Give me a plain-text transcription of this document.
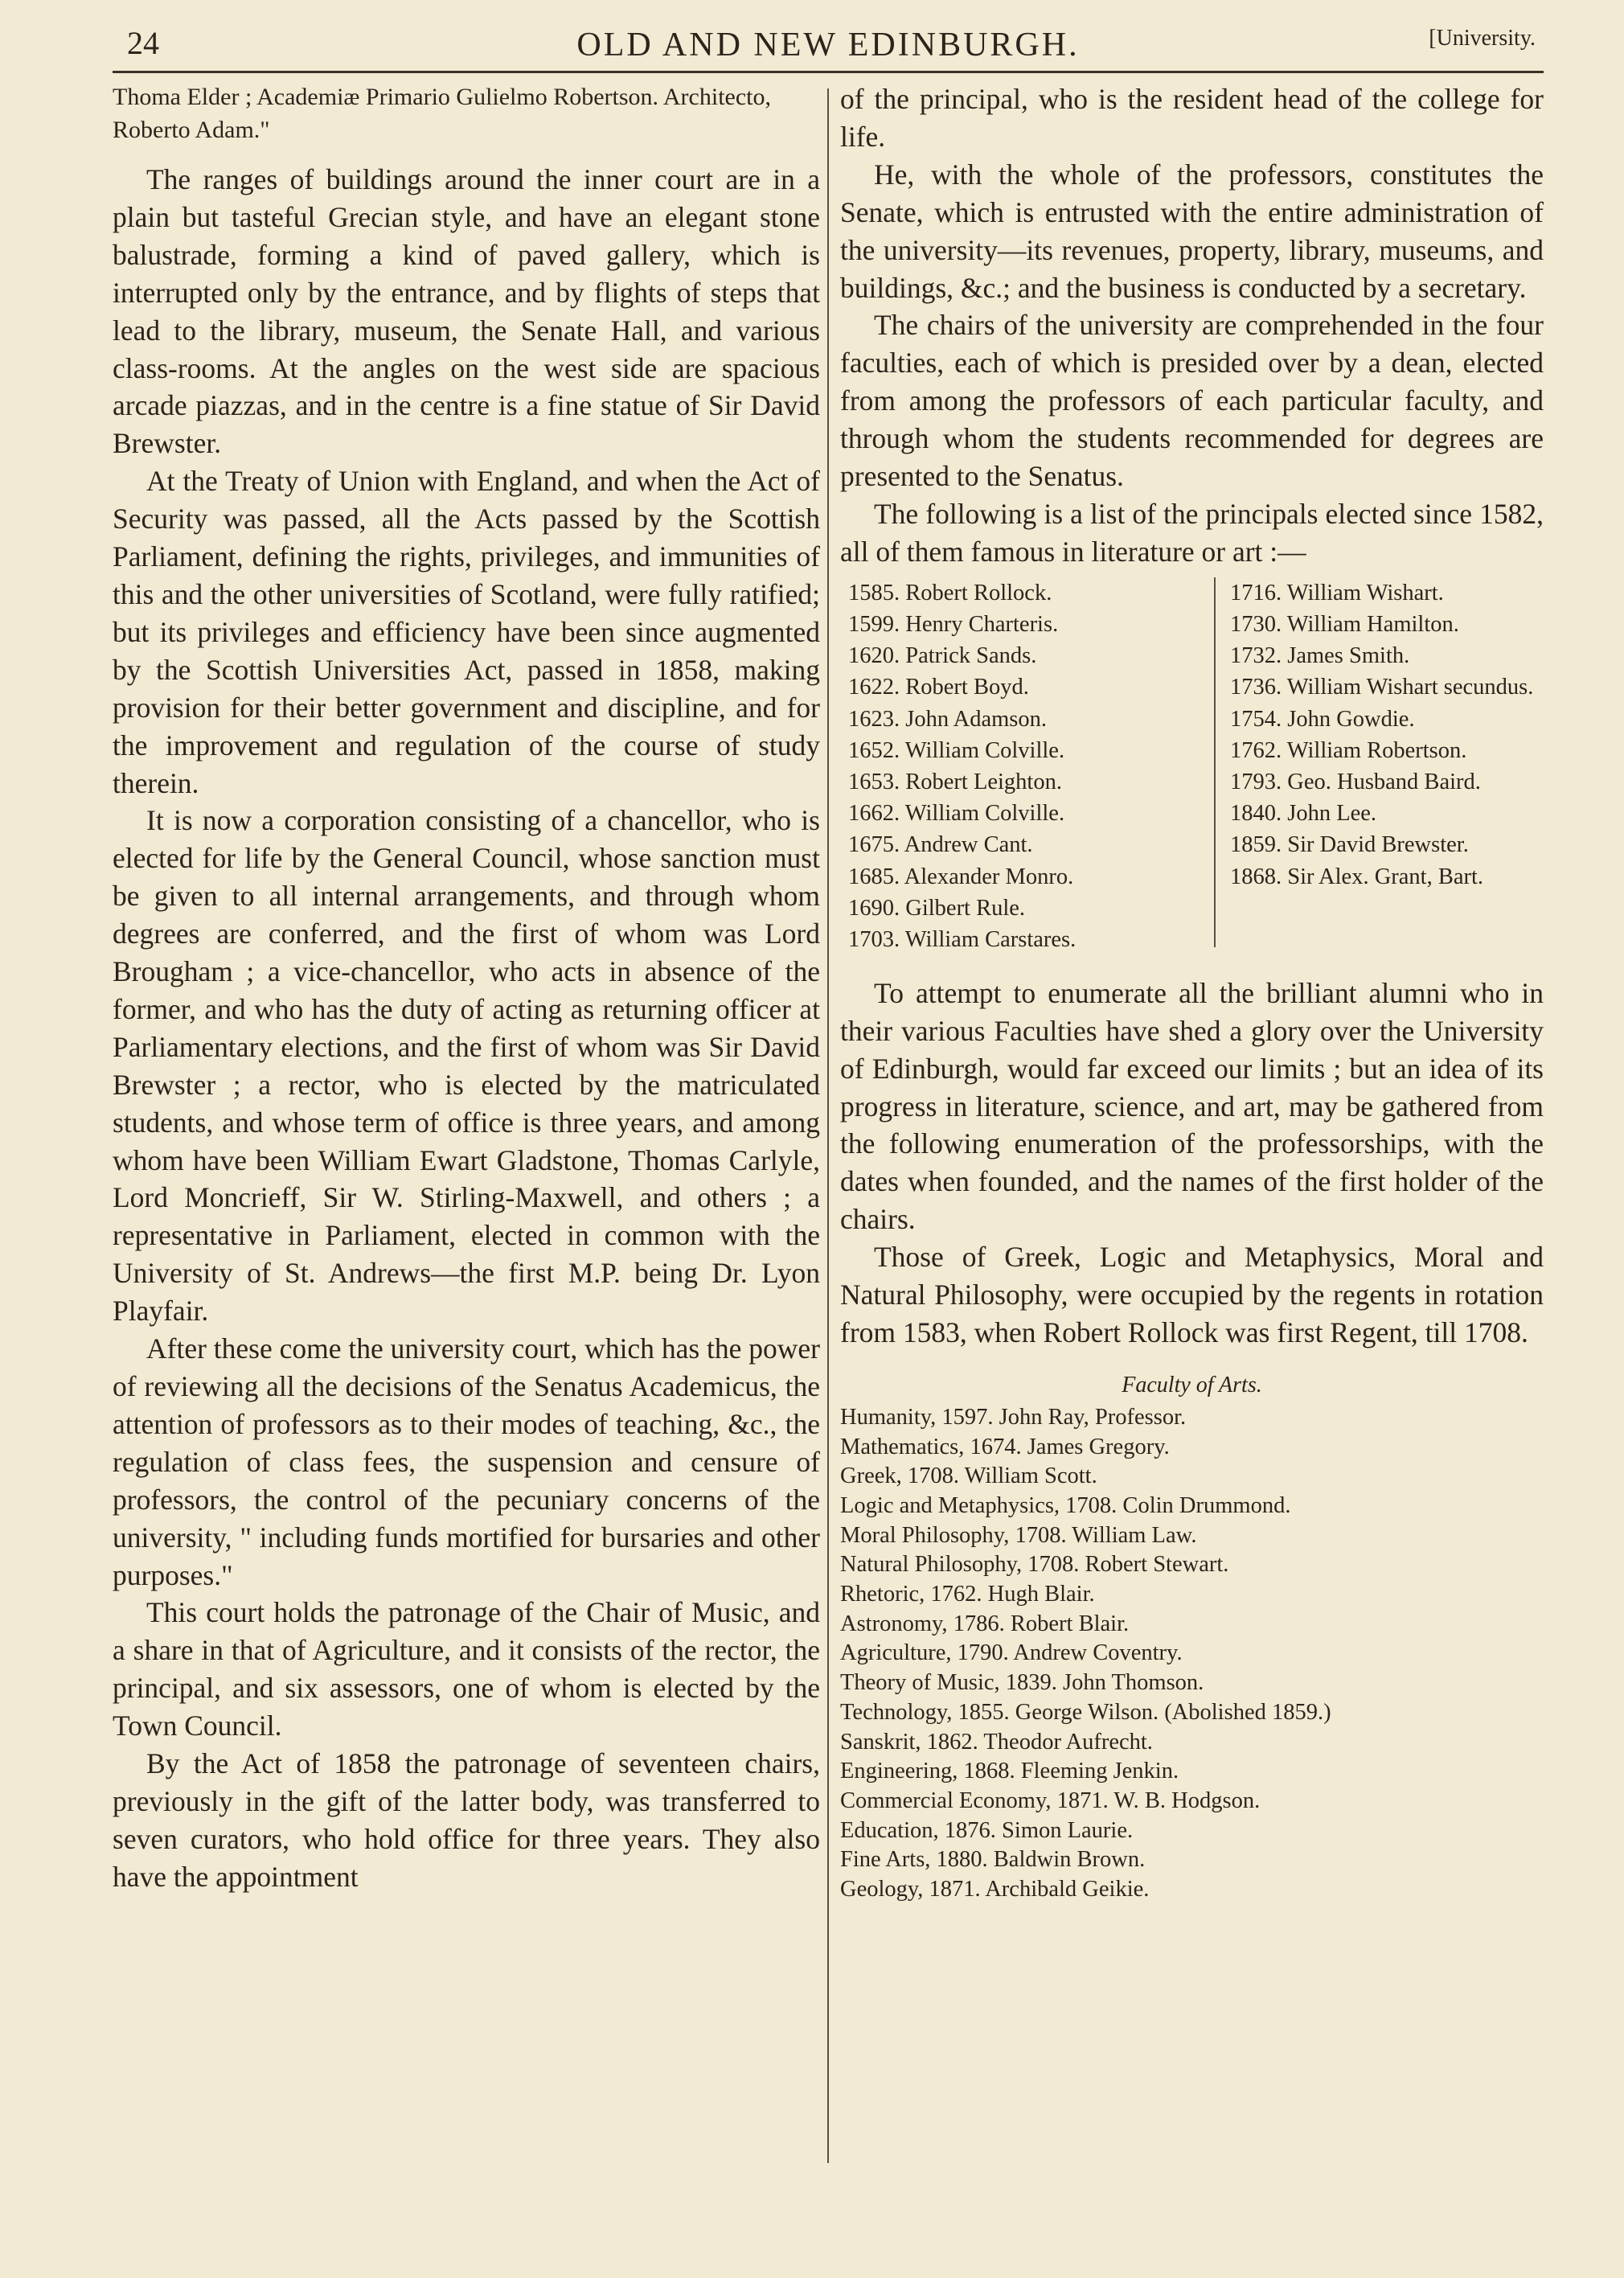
24	OLD AND NEW EDINBURGH.	[University.

Thoma Elder ; Academiæ Primario Gulielmo Robertson. Architecto, Roberto Adam."

The ranges of buildings around the inner court are in a plain but tasteful Grecian style, and have an elegant stone balustrade, forming a kind of paved gallery, which is interrupted only by the entrance, and by flights of steps that lead to the library, museum, the Senate Hall, and various class-rooms. At the angles on the west side are spacious arcade piazzas, and in the centre is a fine statue of Sir David Brewster.

At the Treaty of Union with England, and when the Act of Security was passed, all the Acts passed by the Scottish Parliament, defining the rights, privileges, and immunities of this and the other universities of Scotland, were fully ratified; but its privileges and efficiency have been since augmented by the Scottish Universities Act, passed in 1858, making provision for their better government and discipline, and for the improvement and regulation of the course of study therein.

It is now a corporation consisting of a chancellor, who is elected for life by the General Council, whose sanction must be given to all internal arrangements, and through whom degrees are conferred, and the first of whom was Lord Brougham ; a vice-chancellor, who acts in absence of the former, and who has the duty of acting as returning officer at Parliamentary elections, and the first of whom was Sir David Brewster ; a rector, who is elected by the matriculated students, and whose term of office is three years, and among whom have been William Ewart Gladstone, Thomas Carlyle, Lord Moncrieff, Sir W. Stirling-Maxwell, and others ; a representative in Parliament, elected in common with the University of St. Andrews—the first M.P. being Dr. Lyon Playfair.

After these come the university court, which has the power of reviewing all the decisions of the Senatus Academicus, the attention of professors as to their modes of teaching, &c., the regulation of class fees, the suspension and censure of professors, the control of the pecuniary concerns of the university, " including funds mortified for bursaries and other purposes."

This court holds the patronage of the Chair of Music, and a share in that of Agriculture, and it consists of the rector, the principal, and six assessors, one of whom is elected by the Town Council.

By the Act of 1858 the patronage of seventeen chairs, previously in the gift of the latter body, was transferred to seven curators, who hold office for three years. They also have the appointment

of the principal, who is the resident head of the college for life.

He, with the whole of the professors, constitutes the Senate, which is entrusted with the entire administration of the university—its revenues, property, library, museums, and buildings, &c.; and the business is conducted by a secretary.

The chairs of the university are comprehended in the four faculties, each of which is presided over by a dean, elected from among the professors of each particular faculty, and through whom the students recommended for degrees are presented to the Senatus.

The following is a list of the principals elected since 1582, all of them famous in literature or art :—

1585. Robert Rollock.
1599. Henry Charteris.
1620. Patrick Sands.
1622. Robert Boyd.
1623. John Adamson.
1652. William Colville.
1653. Robert Leighton.
1662. William Colville.
1675. Andrew Cant.
1685. Alexander Monro.
1690. Gilbert Rule.
1703. William Carstares.
1716. William Wishart.
1730. William Hamilton.
1732. James Smith.
1736. William Wishart secundus.
1754. John Gowdie.
1762. William Robertson.
1793. Geo. Husband Baird.
1840. John Lee.
1859. Sir David Brewster.
1868. Sir Alex. Grant, Bart.

To attempt to enumerate all the brilliant alumni who in their various Faculties have shed a glory over the University of Edinburgh, would far exceed our limits ; but an idea of its progress in literature, science, and art, may be gathered from the following enumeration of the professorships, with the dates when founded, and the names of the first holder of the chairs.

Those of Greek, Logic and Metaphysics, Moral and Natural Philosophy, were occupied by the regents in rotation from 1583, when Robert Rollock was first Regent, till 1708.

Faculty of Arts.
Humanity, 1597. John Ray, Professor.
Mathematics, 1674. James Gregory.
Greek, 1708. William Scott.
Logic and Metaphysics, 1708. Colin Drummond.
Moral Philosophy, 1708. William Law.
Natural Philosophy, 1708. Robert Stewart.
Rhetoric, 1762. Hugh Blair.
Astronomy, 1786. Robert Blair.
Agriculture, 1790. Andrew Coventry.
Theory of Music, 1839. John Thomson.
Technology, 1855. George Wilson. (Abolished 1859.)
Sanskrit, 1862. Theodor Aufrecht.
Engineering, 1868. Fleeming Jenkin.
Commercial Economy, 1871. W. B. Hodgson.
Education, 1876. Simon Laurie.
Fine Arts, 1880. Baldwin Brown.
Geology, 1871. Archibald Geikie.
